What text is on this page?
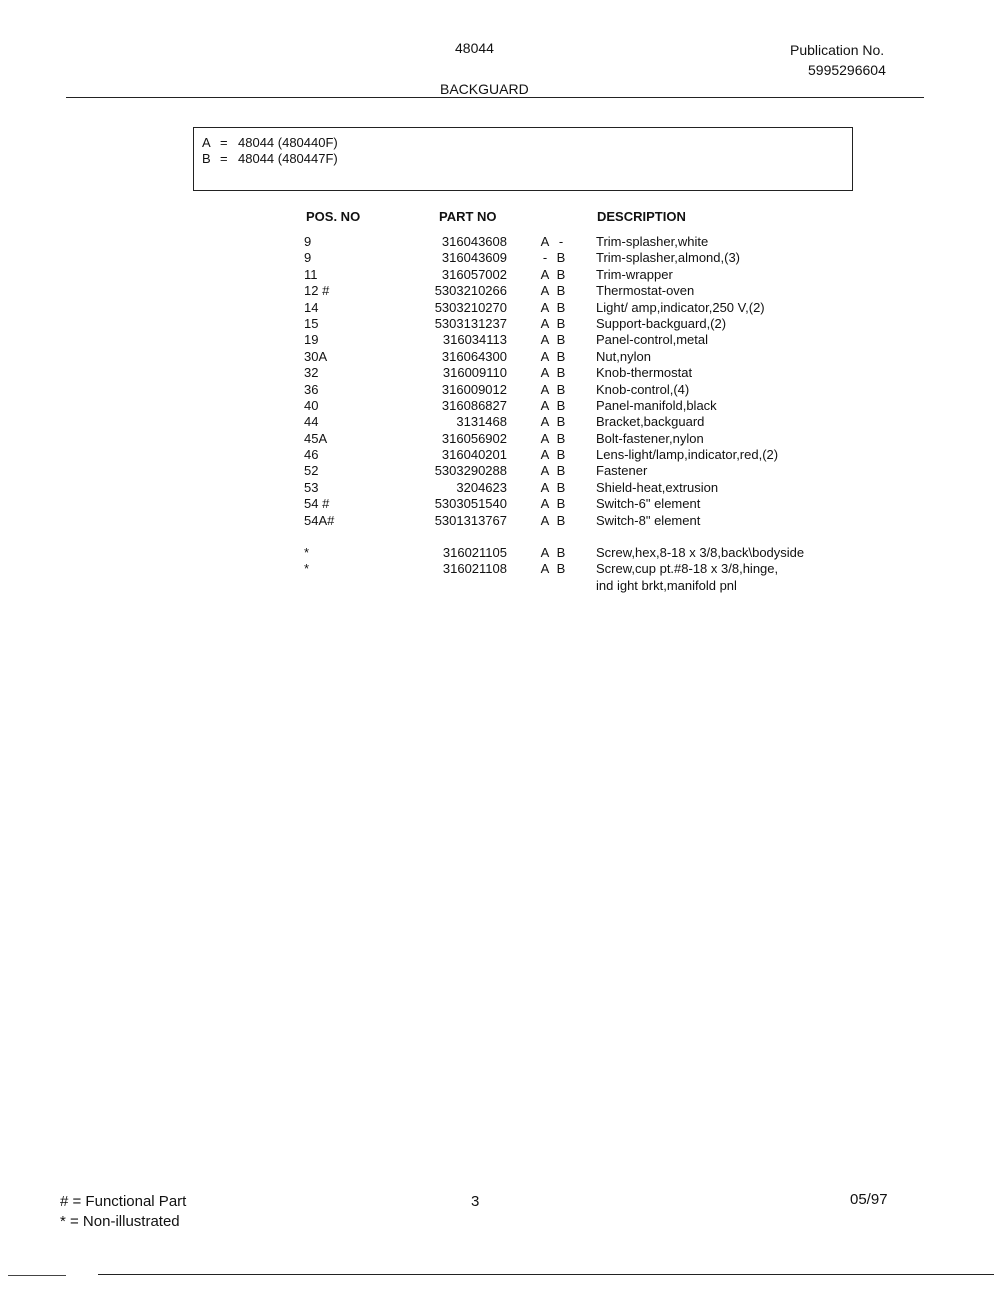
48044	Publication No.
5995296604
BACKGUARD
A = 48044 (480440F)
B = 48044 (480447F)
POS. NO	PART NO	DESCRIPTION
9	316043608	A -	Trim-splasher,white
9	316043609	- B Trim-splasher,almond,(3)
11	316057002	A B Trim-wrapper
12 #	5303210266	A B Thermostat-oven
14	5303210270	A B Light/ amp,indicator,250 V,(2)
15	5303131237	A B Support-backguard,(2)
19	316034113	A B Panel-control,metal
30A	316064300	A B Nut,nylon
32	316009110	A B Knob-thermostat
36	316009012	A B Knob-control,(4)
40	316086827	A B Panel-manifold,black
44	3131468	A B Bracket,backguard
45A	316056902	A B Bolt-fastener,nylon
46	316040201	A B Lens-light/lamp,indicator,red,(2)
52	5303290288	A B Fastener
53	3204623	A B Shield-heat,extrusion
54 #	5303051540	A B Switch-6" element
54A#	5301313767	A B Switch-8" element
*	316021105	A B Screw,hex,8-18 x 3/8,back\bodyside
*	316021108	A B Screw,cup pt.#8-18 x 3/8,hinge,
ind ight brkt,manifold pnl
# = Functional Part
* = Non-illustrated
3	05/97
